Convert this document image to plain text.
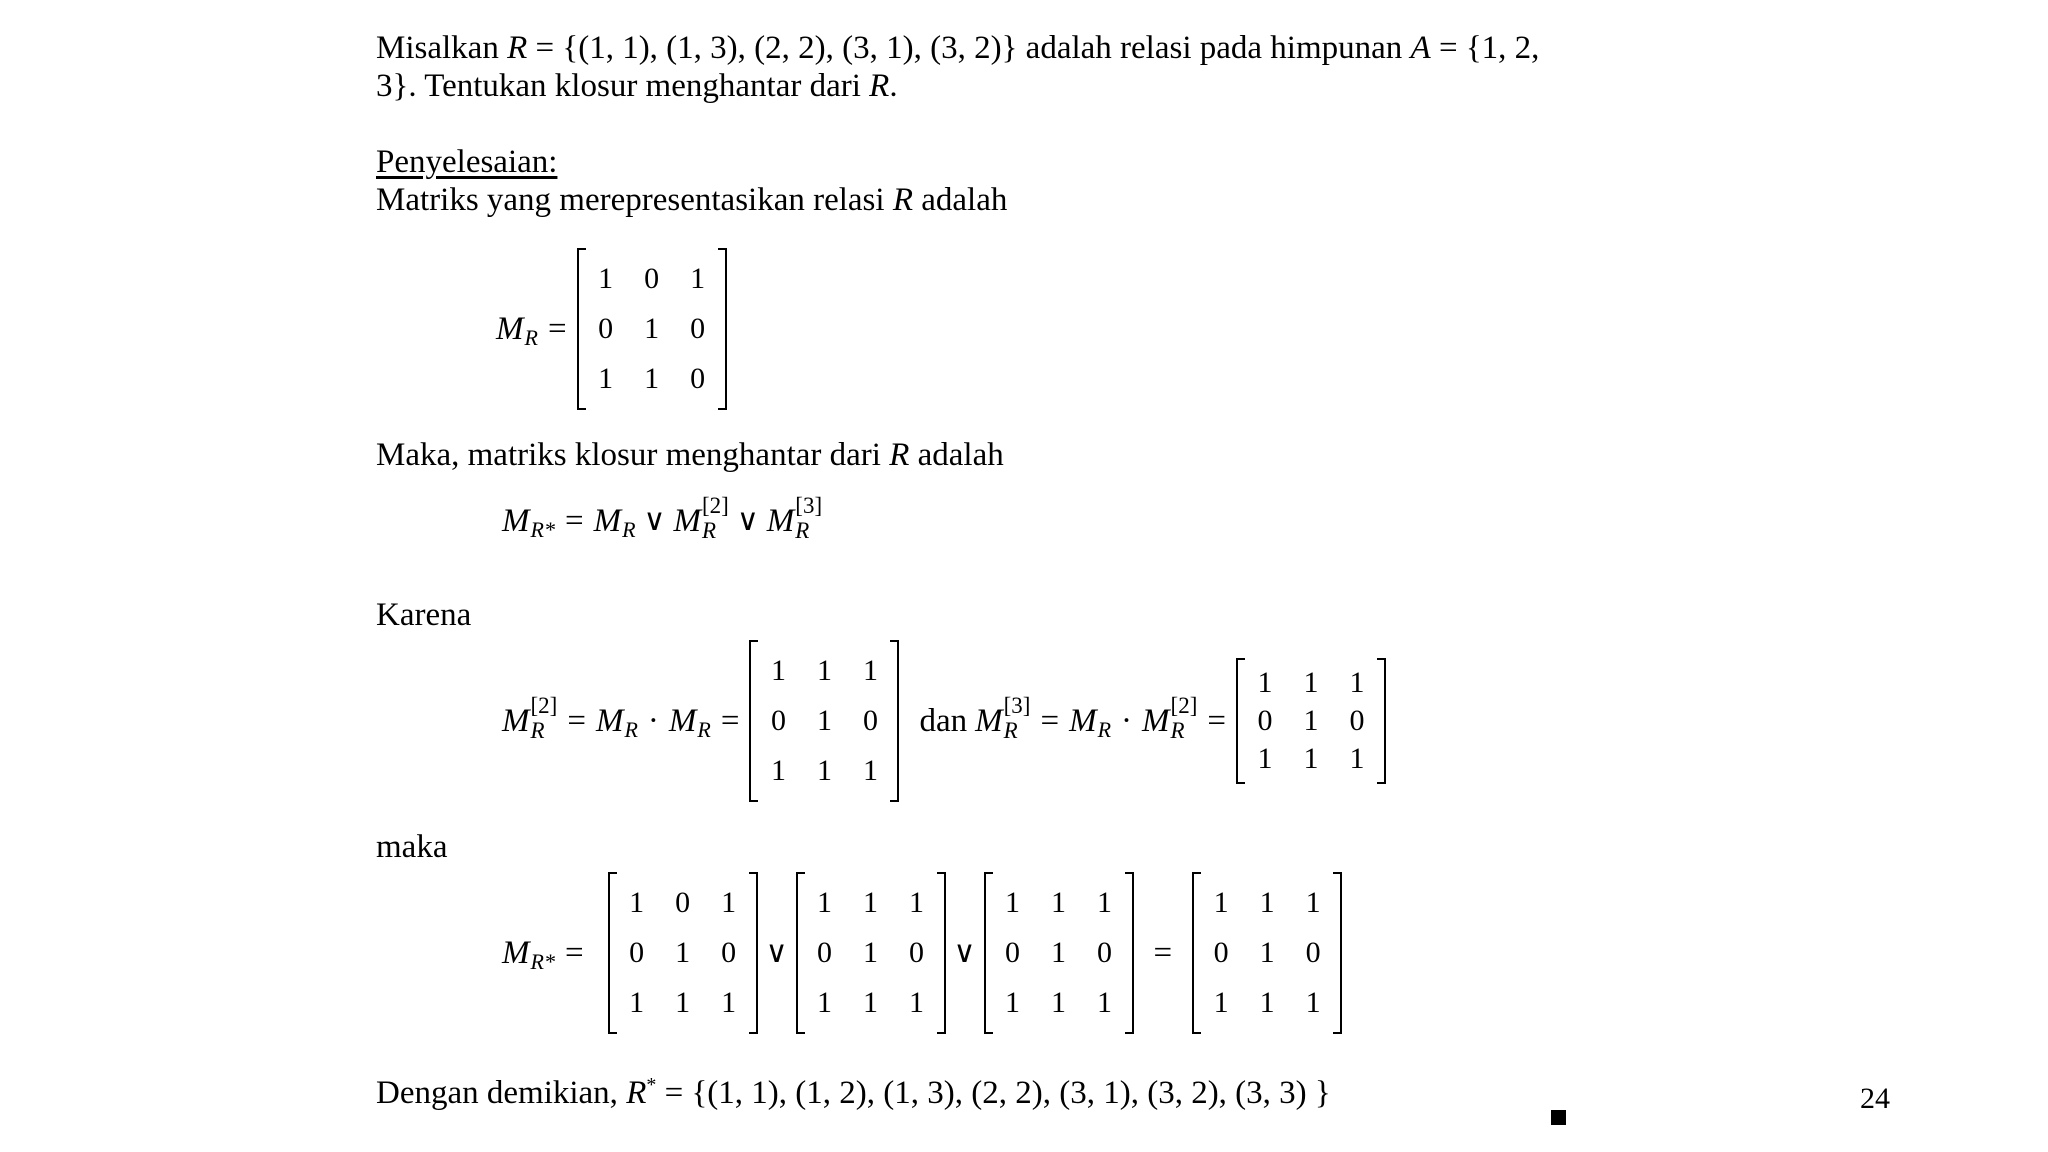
Misalkan R = {(1, 1), (1, 3), (2, 2), (3, 1), (3, 2)} adalah relasi pada himpunan A = {1, 2,
3}. Tentukan klosur menghantar dari R.
Penyelesaian:
Matriks yang merepresentasikan relasi R adalah
M R =
1	0	1
0	1	0
1	1	0
Maka, matriks klosur menghantar dari R adalah
M R* = M R ∨ M [2]
R ∨ M [3]
R
Karena
M [2]
R = M R · M R =
1	1	1
0	1	0
1	1	1
dan M [3]
R = M R · M [2]
R =
1	1	1
0	1	0
1	1	1
maka
M R* =
1	0	1
0	1	0
1	1	1
∨
1	1	1
0	1	0
1	1	1
∨
1	1	1
0	1	0
1	1	1
=
1	1	1
0	1	0
1	1	1
Dengan demikian, R* = {(1, 1), (1, 2), (1, 3), (2, 2), (3, 1), (3, 2), (3, 3) }	24
